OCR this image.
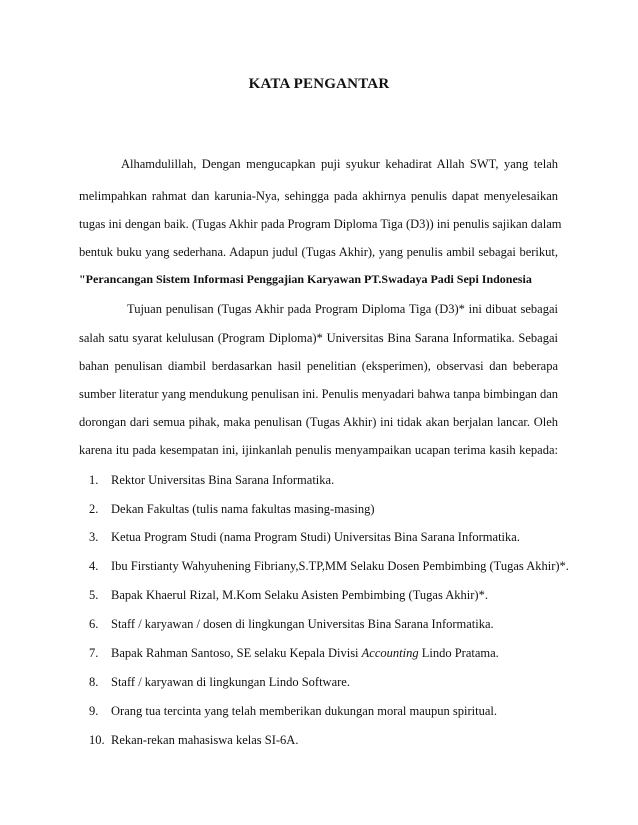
KATA PENGANTAR
Alhamdulillah, Dengan mengucapkan puji syukur kehadirat Allah SWT, yang telah
melimpahkan rahmat dan karunia-Nya, sehingga pada akhirnya penulis dapat menyelesaikan
tugas ini dengan baik. (Tugas Akhir pada Program Diploma Tiga (D3)) ini penulis sajikan dalam
bentuk buku yang sederhana. Adapun judul (Tugas Akhir), yang penulis ambil sebagai berikut,
"Perancangan Sistem Informasi Penggajian Karyawan PT.Swadaya Padi Sepi Indonesia
Tujuan penulisan (Tugas Akhir pada Program Diploma Tiga (D3)* ini dibuat sebagai
salah satu syarat kelulusan (Program Diploma)* Universitas Bina Sarana Informatika. Sebagai
bahan penulisan diambil berdasarkan hasil penelitian (eksperimen), observasi dan beberapa
sumber literatur yang mendukung penulisan ini. Penulis menyadari bahwa tanpa bimbingan dan
dorongan dari semua pihak, maka penulisan (Tugas Akhir) ini tidak akan berjalan lancar. Oleh
karena itu pada kesempatan ini, ijinkanlah penulis menyampaikan ucapan terima kasih kepada:
1. Rektor Universitas Bina Sarana Informatika.
2. Dekan Fakultas (tulis nama fakultas masing-masing)
3. Ketua Program Studi (nama Program Studi) Universitas Bina Sarana Informatika.
4. Ibu Firstianty Wahyuhening Fibriany,S.TP,MM Selaku Dosen Pembimbing (Tugas Akhir)*.
5. Bapak Khaerul Rizal, M.Kom Selaku Asisten Pembimbing (Tugas Akhir)*.
6. Staff / karyawan / dosen di lingkungan Universitas Bina Sarana Informatika.
7. Bapak Rahman Santoso, SE selaku Kepala Divisi Accounting Lindo Pratama.
8. Staff / karyawan di lingkungan Lindo Software.
9. Orang tua tercinta yang telah memberikan dukungan moral maupun spiritual.
10. Rekan-rekan mahasiswa kelas SI-6A.
